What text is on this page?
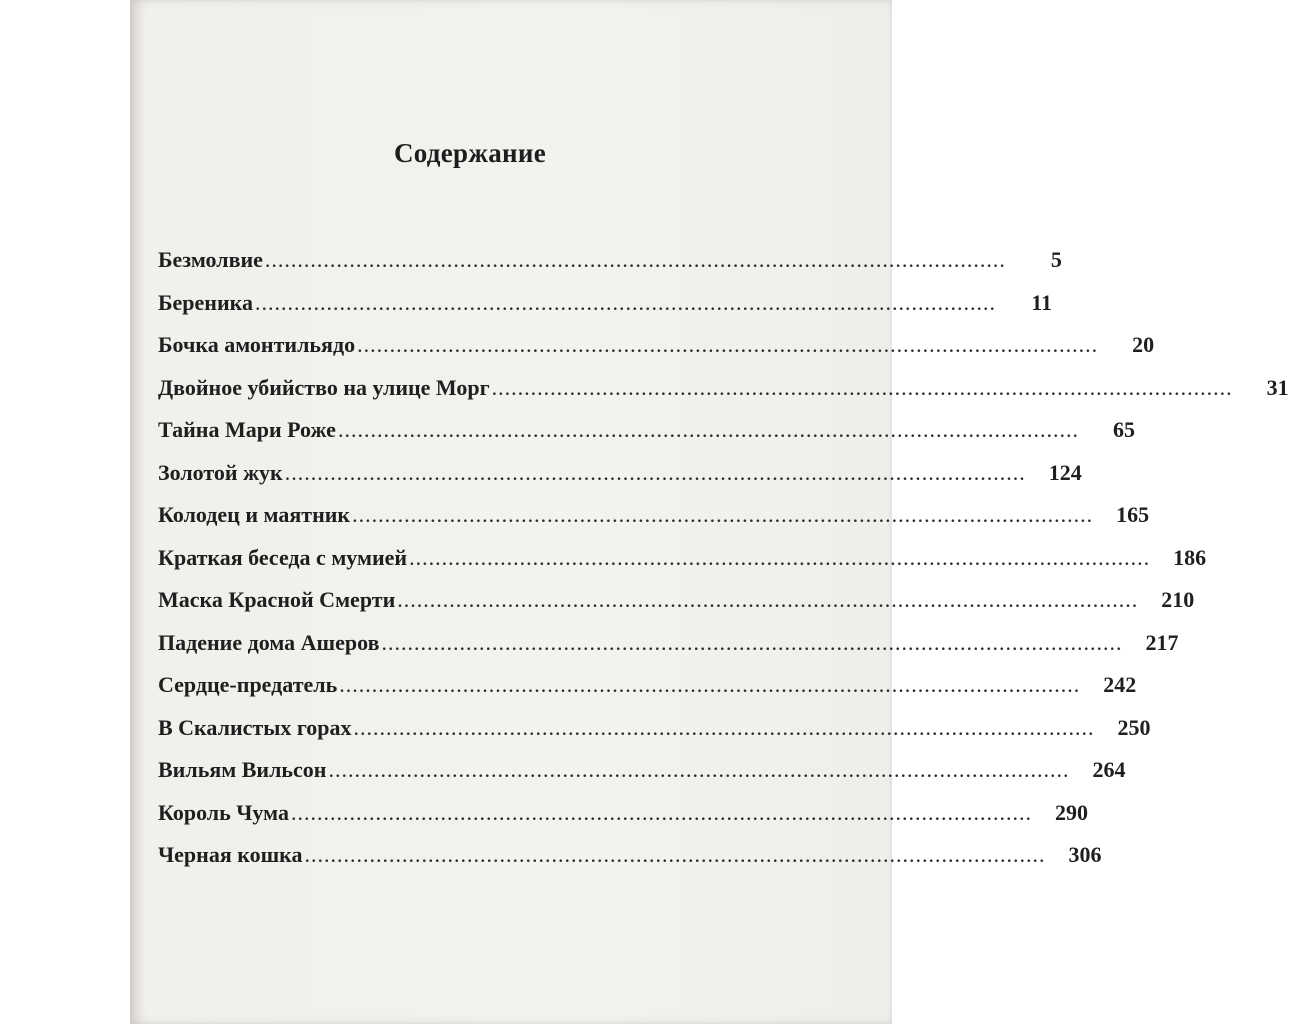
Содержание
Безмолвие ..................................................................................................................	5
Береника ..................................................................................................................	11
Бочка амонтильядо ..................................................................................................................	20
Двойное убийство на улице Морг ..................................................................................................................	31
Тайна Мари Роже ..................................................................................................................	65
Золотой жук ..................................................................................................................	124
Колодец и маятник ..................................................................................................................	165
Краткая беседа с мумией ..................................................................................................................	186
Маска Красной Смерти ..................................................................................................................	210
Падение дома Ашеров ..................................................................................................................	217
Сердце-предатель ..................................................................................................................	242
В Скалистых горах ..................................................................................................................	250
Вильям Вильсон ..................................................................................................................	264
Король Чума ..................................................................................................................	290
Черная кошка ..................................................................................................................	306
